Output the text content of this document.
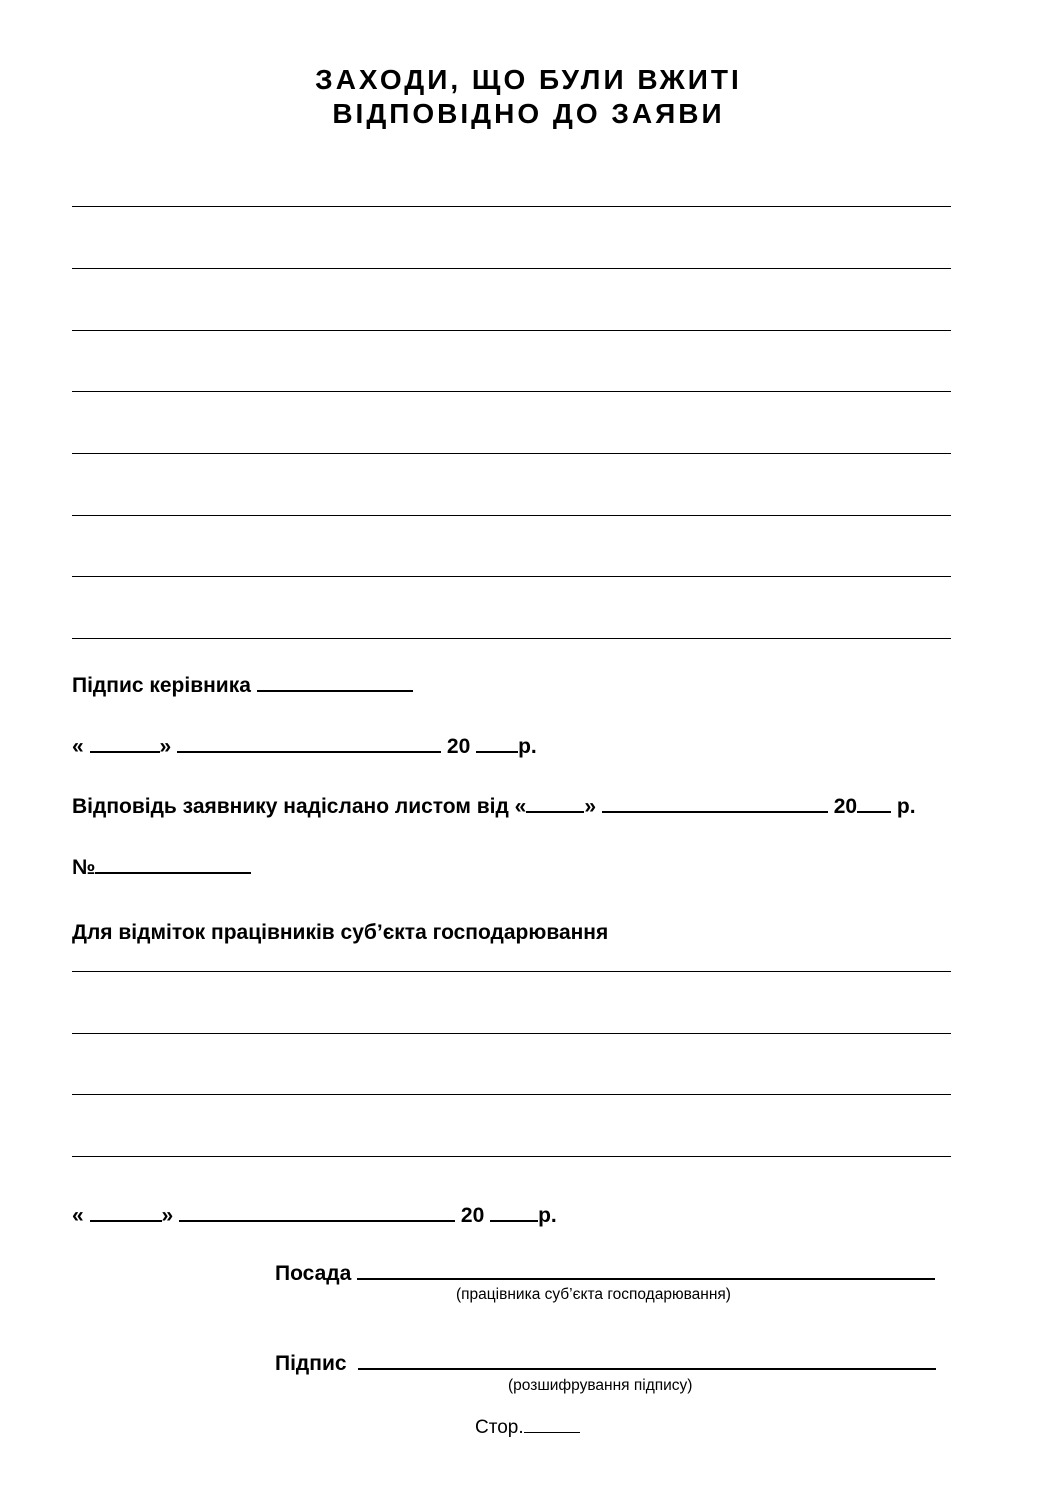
ЗАХОДИ, ЩО БУЛИ ВЖИТІ
ВІДПОВІДНО ДО ЗАЯВИ
Підпис керівника
«	»	20 р.
Відповідь заявнику надіслано листом від «	»	20 р.
№
Для відміток працівників суб’єкта господарювання
«	»	20	р.
Посада
(працівника суб’єкта господарювання)
Підпис
(розшифрування підпису)
Стор.
